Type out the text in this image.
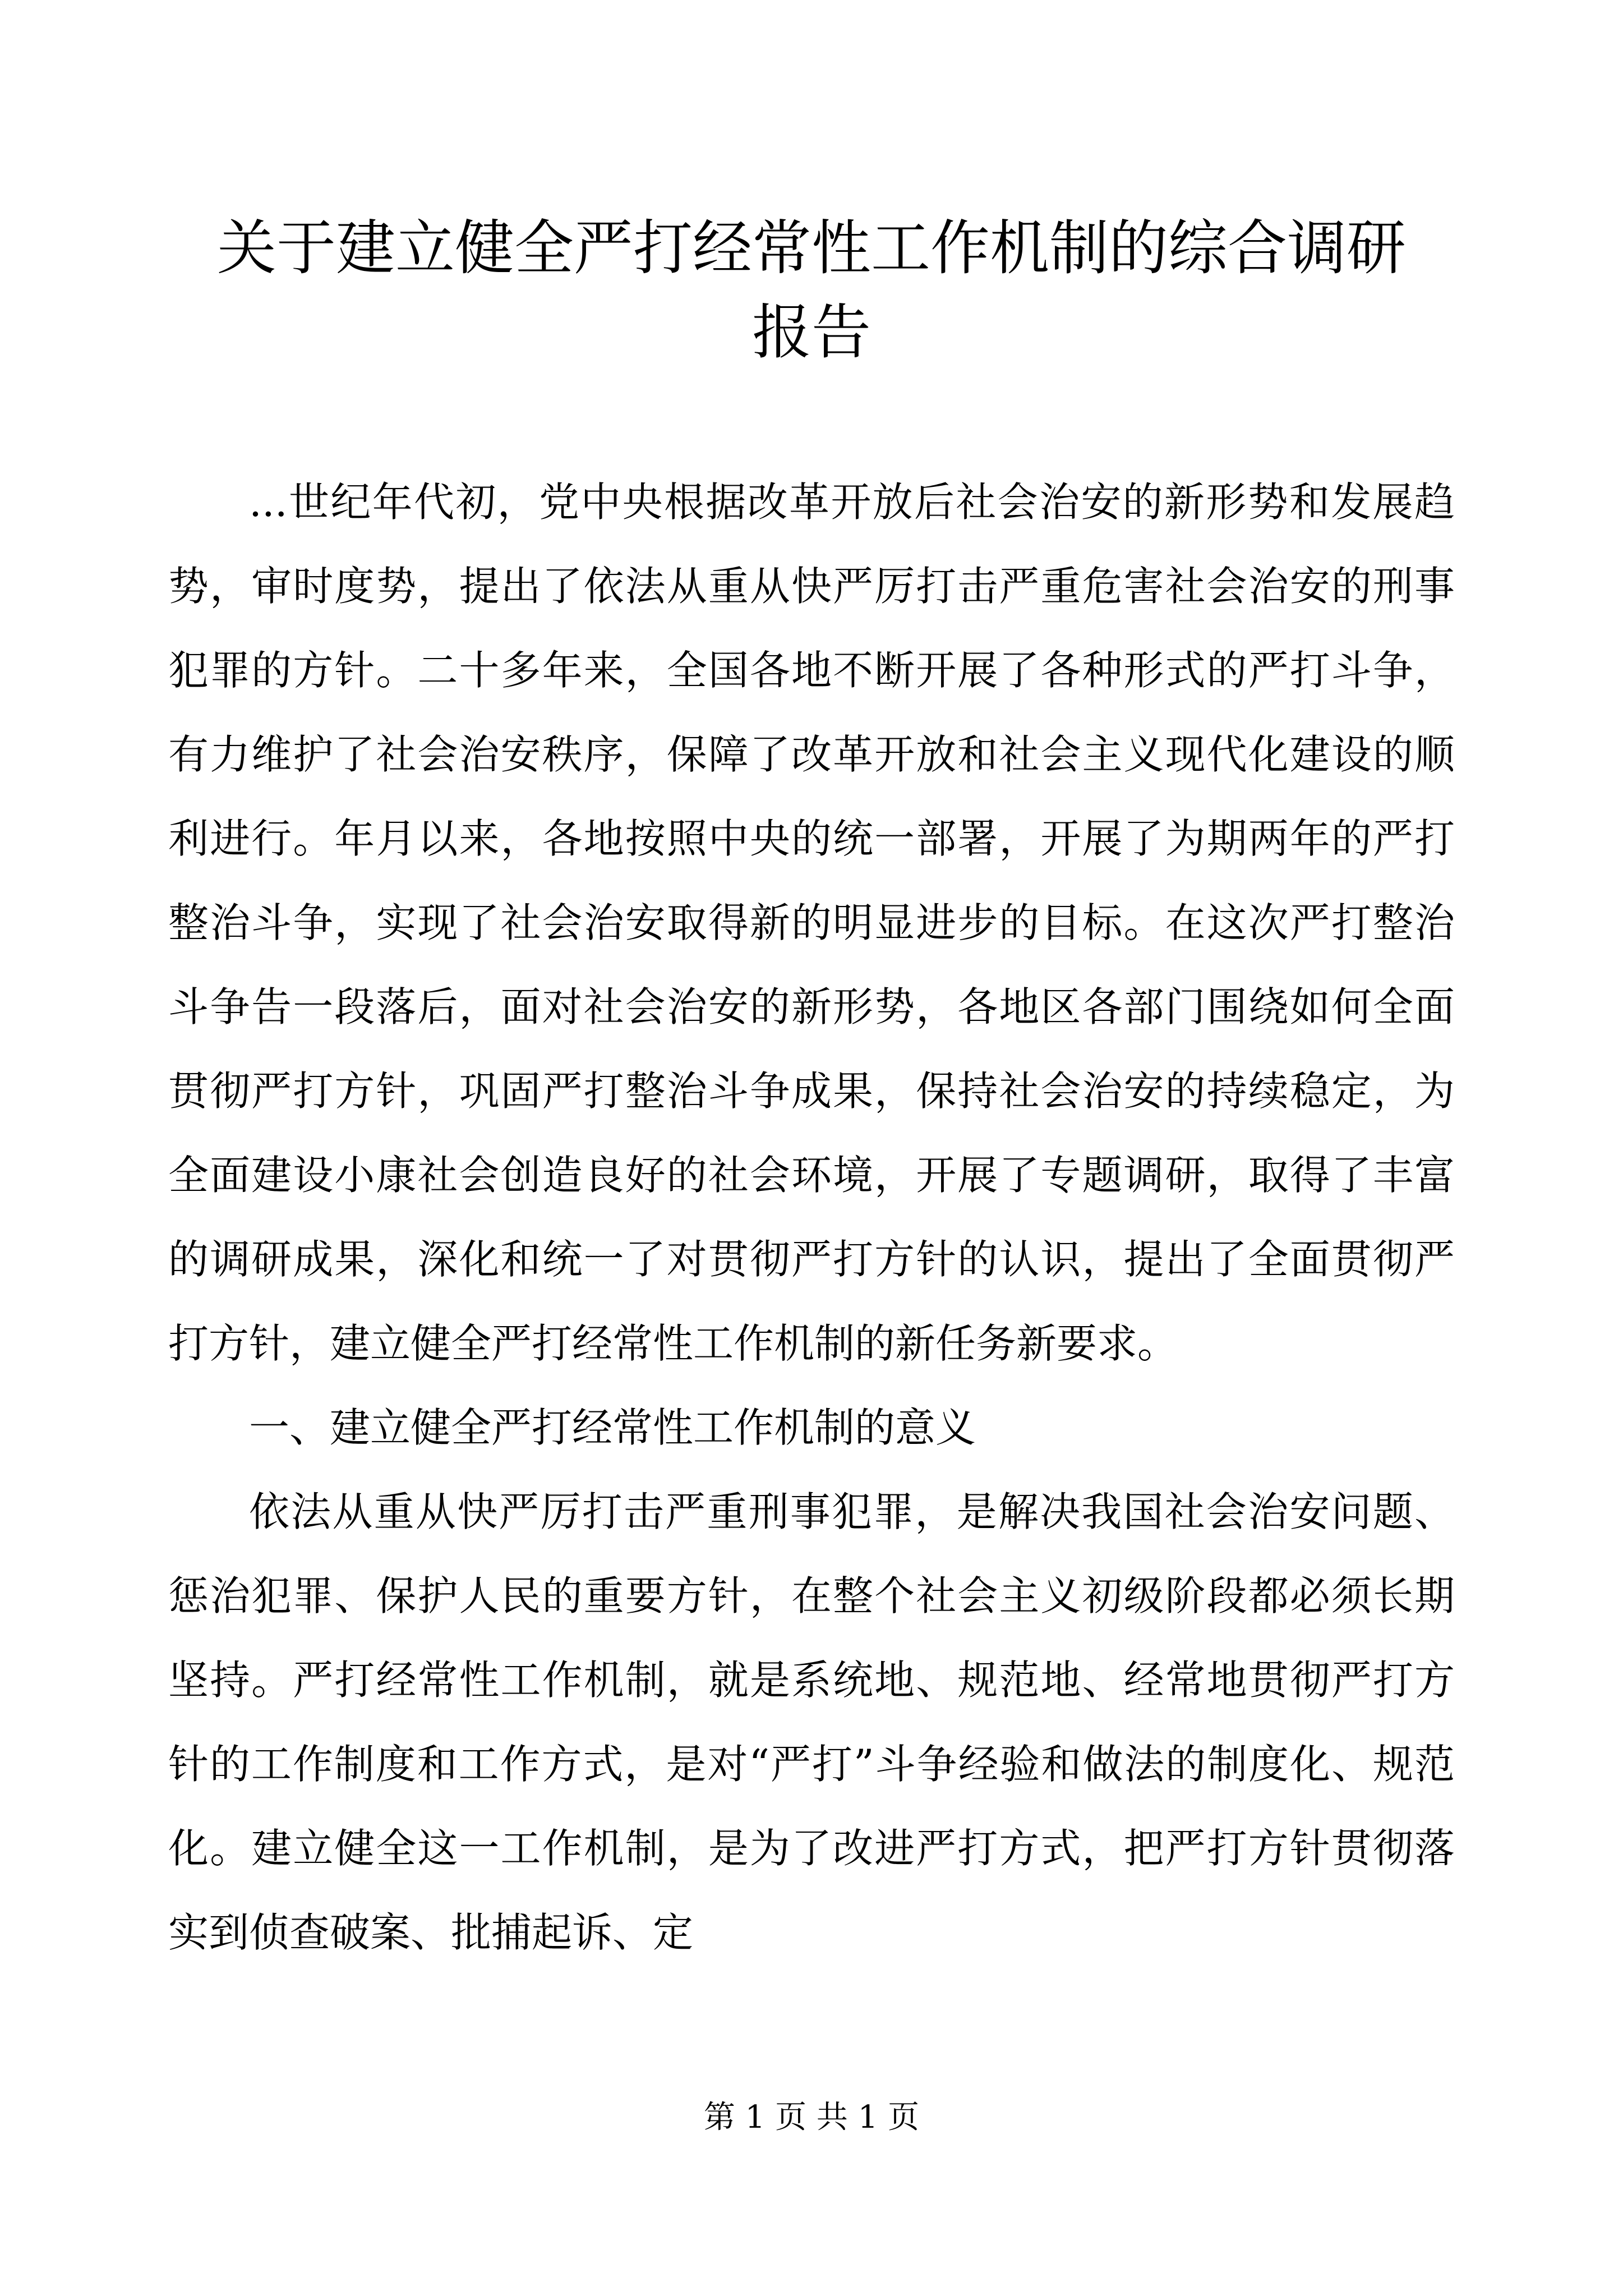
关于建立健全严打经常性工作机制的综合调研
报告

...世纪年代初，党中央根据改革开放后社会治安的新形势和发展趋势，审时度势，提出了依法从重从快严厉打击严重危害社会治安的刑事犯罪的方针。二十多年来，全国各地不断开展了各种形式的严打斗争，有力维护了社会治安秩序，保障了改革开放和社会主义现代化建设的顺利进行。年月以来，各地按照中央的统一部署，开展了为期两年的严打整治斗争，实现了社会治安取得新的明显进步的目标。在这次严打整治斗争告一段落后，面对社会治安的新形势，各地区各部门围绕如何全面贯彻严打方针，巩固严打整治斗争成果，保持社会治安的持续稳定，为全面建设小康社会创造良好的社会环境，开展了专题调研，取得了丰富的调研成果，深化和统一了对贯彻严打方针的认识，提出了全面贯彻严打方针，建立健全严打经常性工作机制的新任务新要求。

一、建立健全严打经常性工作机制的意义

依法从重从快严厉打击严重刑事犯罪，是解决我国社会治安问题、惩治犯罪、保护人民的重要方针，在整个社会主义初级阶段都必须长期坚持。严打经常性工作机制，就是系统地、规范地、经常地贯彻严打方针的工作制度和工作方式，是对“严打”斗争经验和做法的制度化、规范化。建立健全这一工作机制，是为了改进严打方式，把严打方针贯彻落实到侦查破案、批捕起诉、定

第 1 页 共 1 页
